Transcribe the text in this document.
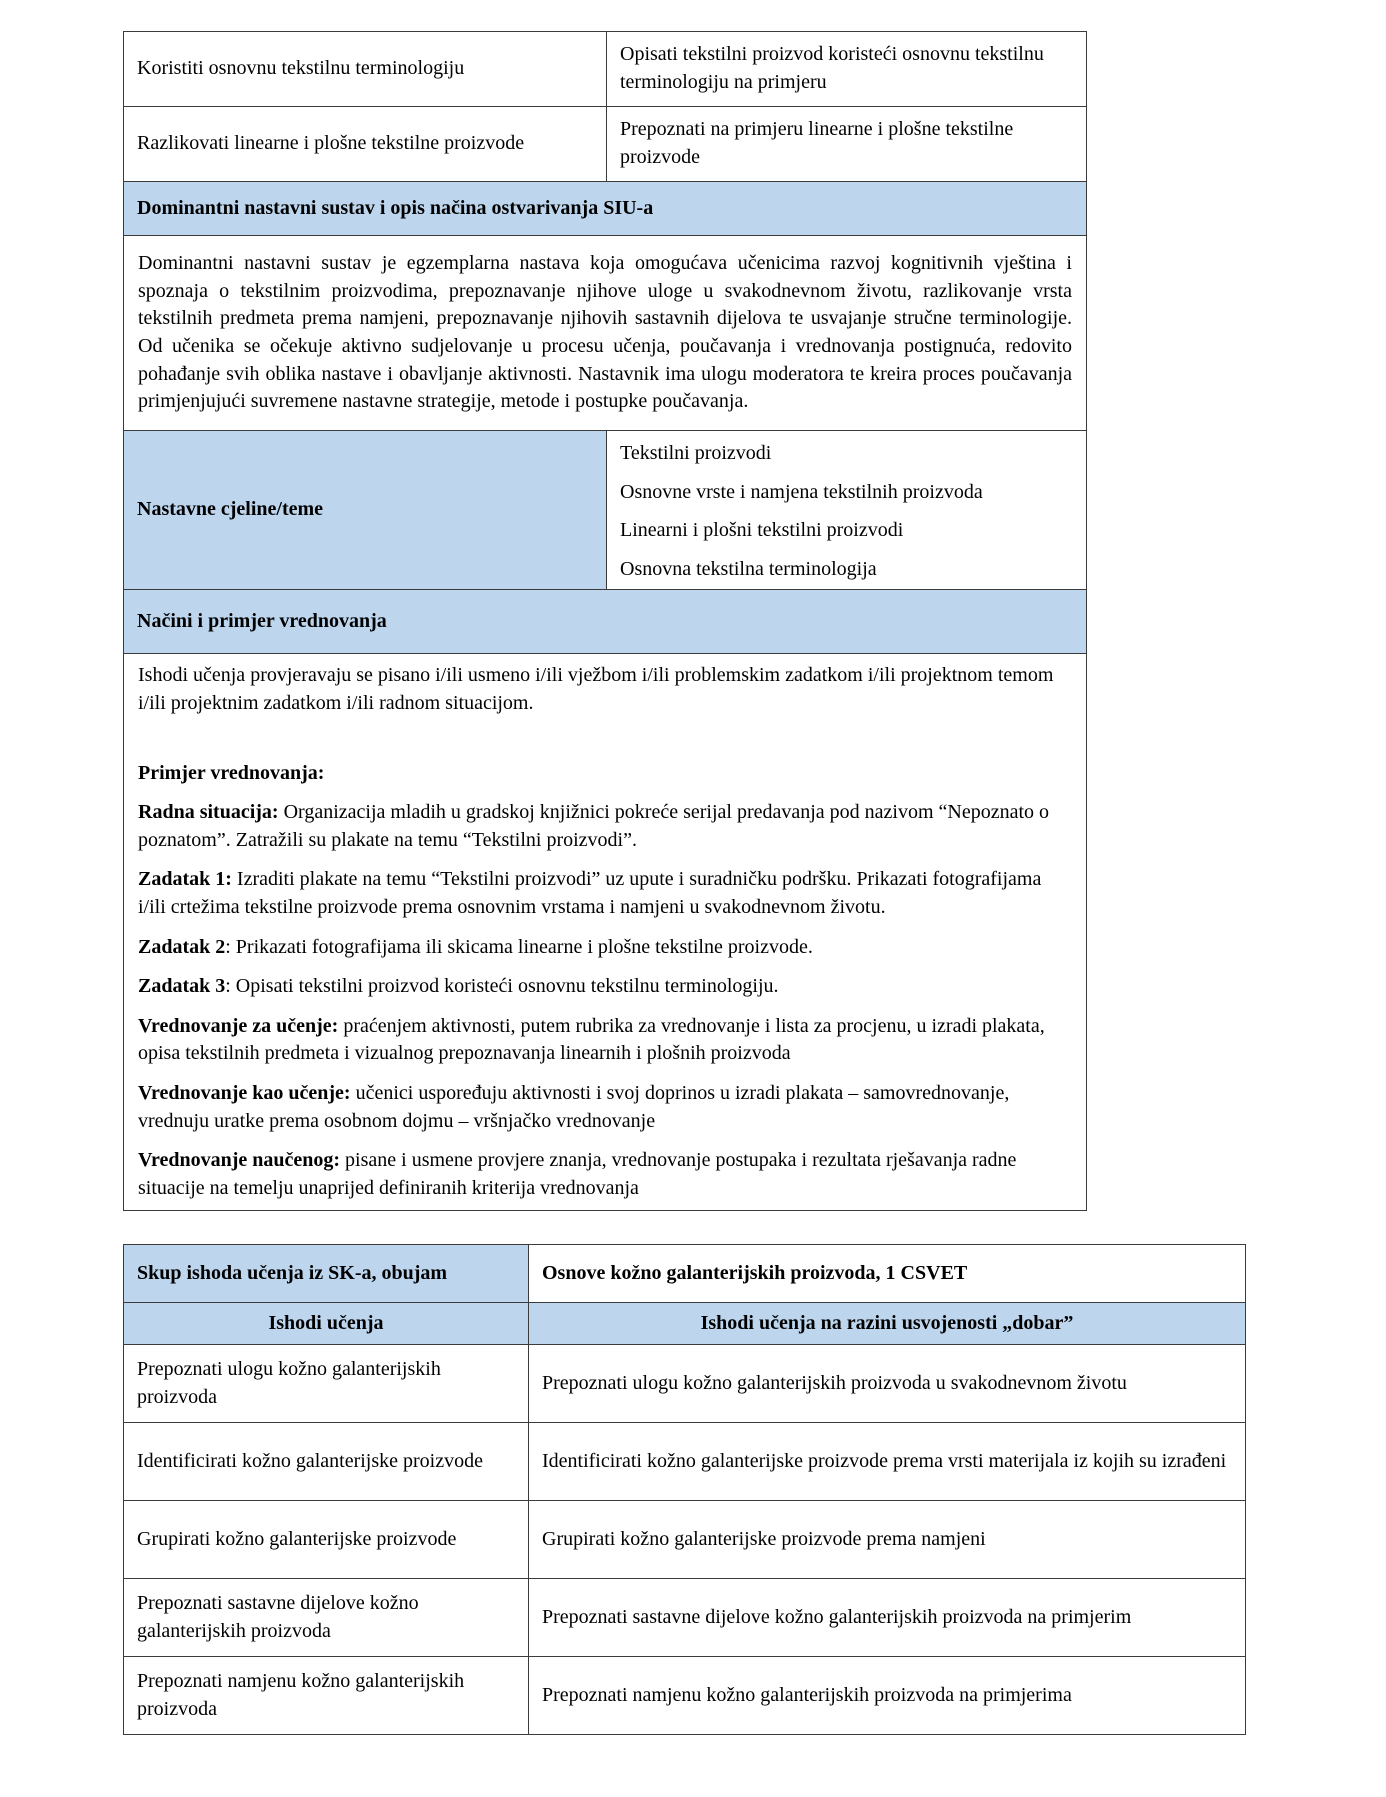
Koristiti osnovnu tekstilnu terminologiju	Opisati tekstilni proizvod koristeći osnovnu tekstilnu terminologiju na primjeru
Razlikovati linearne i plošne tekstilne proizvode	Prepoznati na primjeru linearne i plošne tekstilne proizvode
Dominantni nastavni sustav i opis načina ostvarivanja SIU-a	
Dominantni nastavni sustav je egzemplarna nastava koja omogućava učenicima razvoj kognitivnih vještina i spoznaja o tekstilnim proizvodima, prepoznavanje njihove uloge u svakodnevnom životu, razlikovanje vrsta tekstilnih predmeta prema namjeni, prepoznavanje njihovih sastavnih dijelova te usvajanje stručne terminologije. Od učenika se očekuje aktivno sudjelovanje u procesu učenja, poučavanja i vrednovanja postignuća, redovito pohađanje svih oblika nastave i obavljanje aktivnosti. Nastavnik ima ulogu moderatora te kreira proces poučavanja primjenjujući suvremene nastavne strategije, metode i postupke poučavanja.	
Nastavne cjeline/teme	Tekstilni proizvodi

Osnovne vrste i namjena tekstilnih proizvoda

Linearni i plošni tekstilni proizvodi

Osnovna tekstilna terminologija

Načini i primjer vrednovanja	

Ishodi učenja provjeravaju se pisano i/ili usmeno i/ili vježbom i/ili problemskim zadatkom i/ili projektnom temom i/ili projektnim zadatkom i/ili radnom situacijom.

Primjer vrednovanja:

Radna situacija: Organizacija mladih u gradskoj knjižnici pokreće serijal predavanja pod nazivom “Nepoznato o poznatom”. Zatražili su plakate na temu “Tekstilni proizvodi”.

Zadatak 1: Izraditi plakate na temu “Tekstilni proizvodi” uz upute i suradničku podršku. Prikazati fotografijama i/ili crtežima tekstilne proizvode prema osnovnim vrstama i namjeni u svakodnevnom životu.

Zadatak 2: Prikazati fotografijama ili skicama linearne i plošne tekstilne proizvode.

Zadatak 3: Opisati tekstilni proizvod koristeći osnovnu tekstilnu terminologiju.

Vrednovanje za učenje: praćenjem aktivnosti, putem rubrika za vrednovanje i lista za procjenu, u izradi plakata, opisa tekstilnih predmeta i vizualnog prepoznavanja linearnih i plošnih proizvoda

Vrednovanje kao učenje: učenici uspoređuju aktivnosti i svoj doprinos u izradi plakata – samovrednovanje, vrednuju uratke prema osobnom dojmu – vršnjačko vrednovanje

Vrednovanje naučenog: pisane i usmene provjere znanja, vrednovanje postupaka i rezultata rješavanja radne situacije na temelju unaprijed definiranih kriterija vrednovanja

Skup ishoda učenja iz SK-a, obujam	Osnove kožno galanterijskih proizvoda, 1 CSVET
Ishodi učenja	Ishodi učenja na razini usvojenosti „dobar”
Prepoznati ulogu kožno galanterijskih proizvoda	Prepoznati ulogu kožno galanterijskih proizvoda u svakodnevnom životu
Identificirati kožno galanterijske proizvode	Identificirati kožno galanterijske proizvode prema vrsti materijala iz kojih su izrađeni
Grupirati kožno galanterijske proizvode	Grupirati kožno galanterijske proizvode prema namjeni
Prepoznati sastavne dijelove kožno galanterijskih proizvoda	Prepoznati sastavne dijelove kožno galanterijskih proizvoda na primjerim
Prepoznati namjenu kožno galanterijskih proizvoda	Prepoznati namjenu kožno galanterijskih proizvoda na primjerima
